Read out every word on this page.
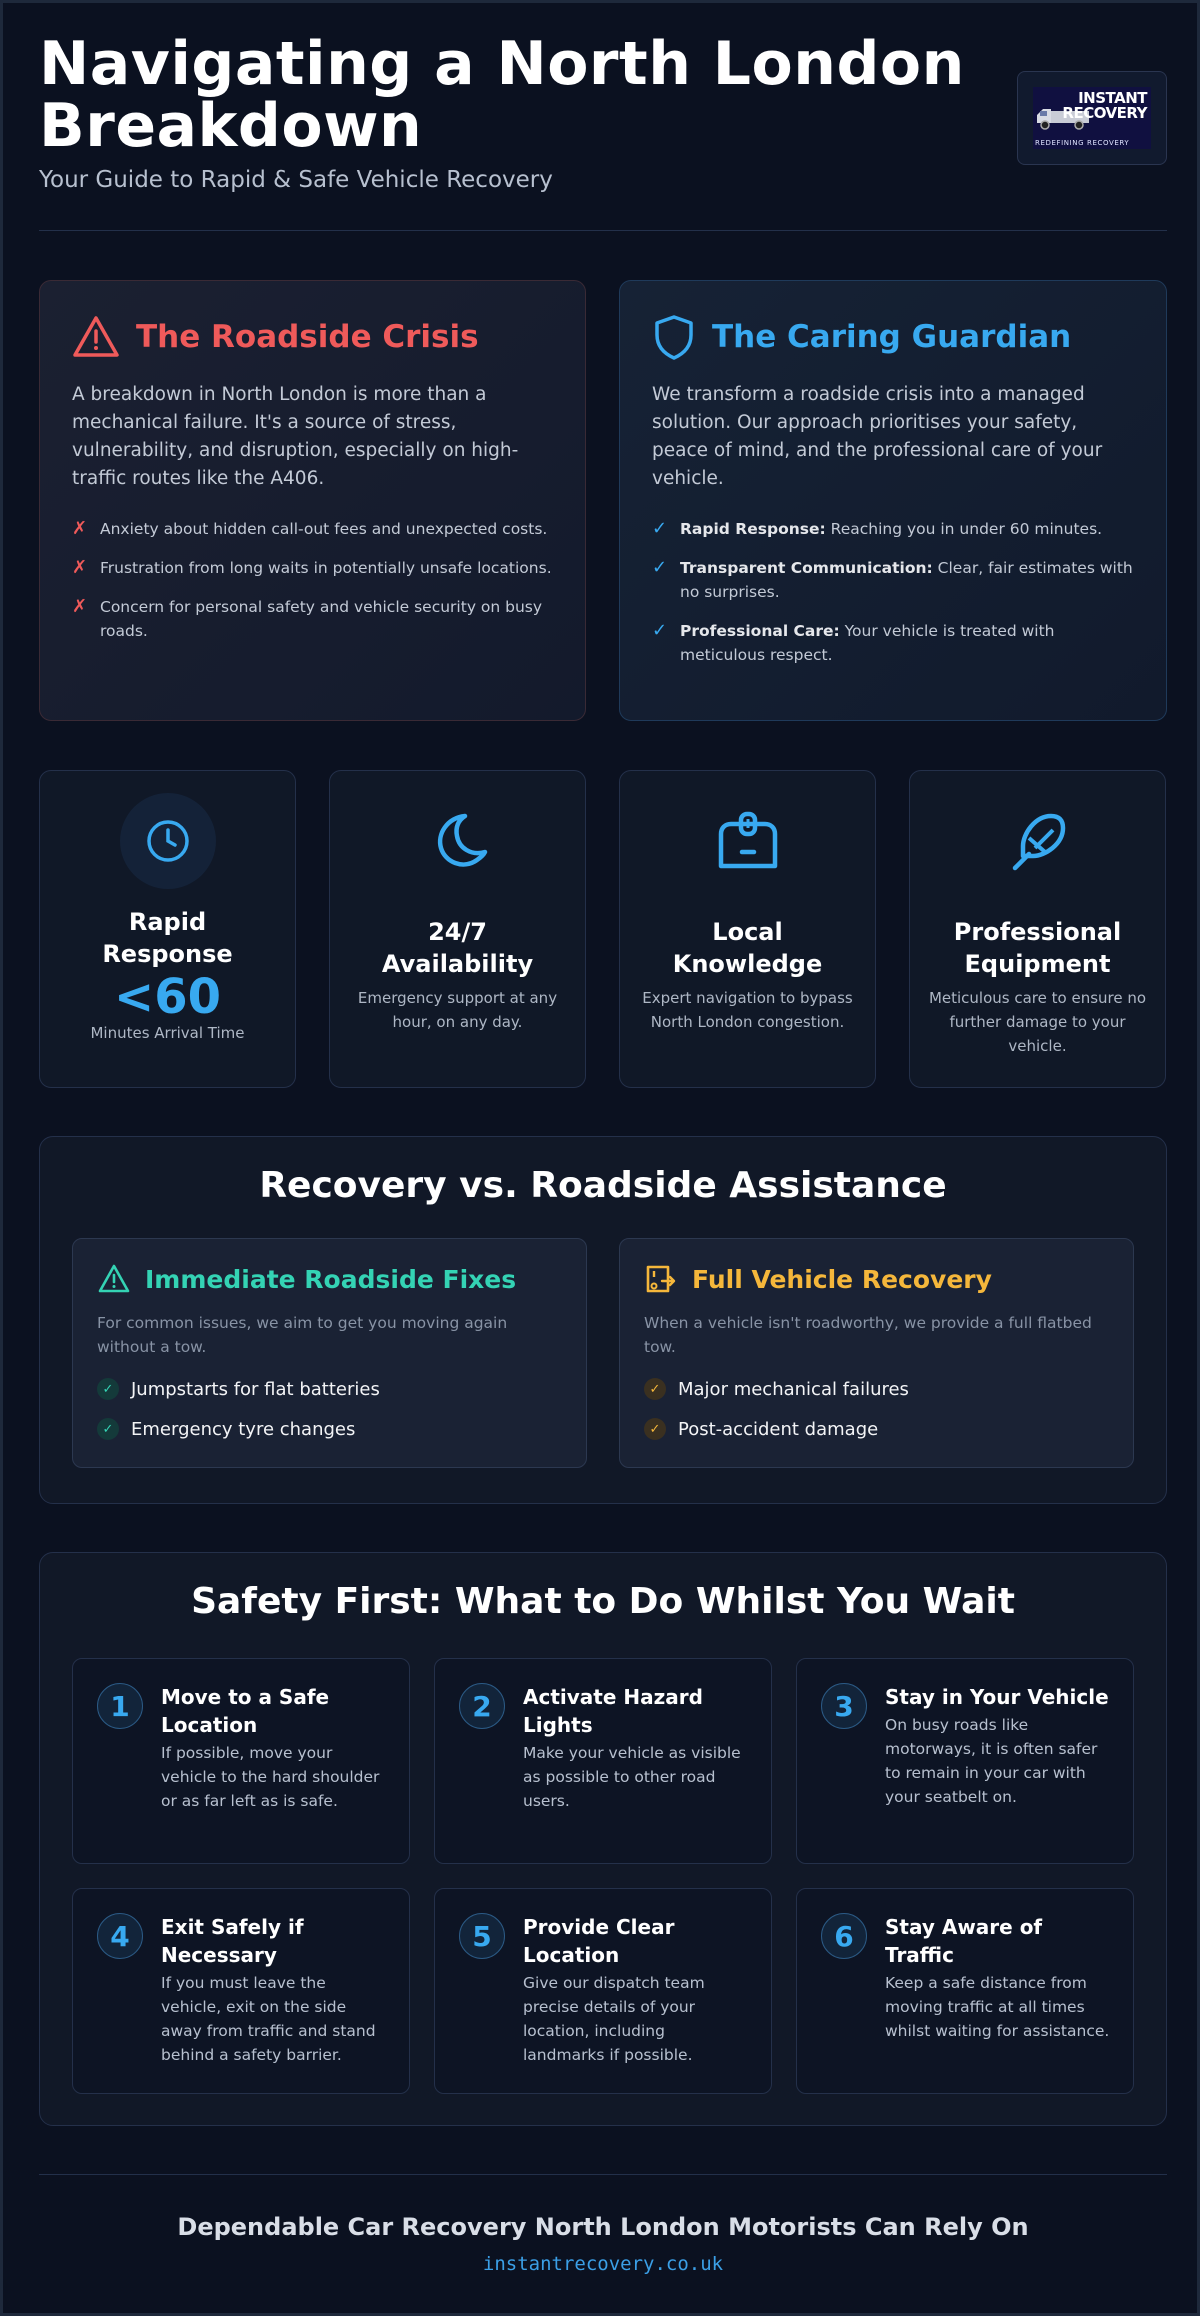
Navigating a North London Breakdown
Your Guide to Rapid & Safe Vehicle Recovery
INSTANT
RECOVERY
REDEFINING RECOVERY
The Roadside Crisis

A breakdown in North London is more than a mechanical failure. It's a source of stress, vulnerability, and disruption, especially on high-traffic routes like the A406.

✗ Anxiety about hidden call-out fees and unexpected costs.
✗ Frustration from long waits in potentially unsafe locations.
✗ Concern for personal safety and vehicle security on busy roads.
The Caring Guardian

We transform a roadside crisis into a managed solution. Our approach prioritises your safety, peace of mind, and the professional care of your vehicle.

✓ Rapid Response: Reaching you in under 60 minutes.
✓ Transparent Communication: Clear, fair estimates with no surprises.
✓ Professional Care: Your vehicle is treated with meticulous respect.
Rapid Response
<60
Minutes Arrival Time
24/7 Availability
Emergency support at any hour, on any day.
Local Knowledge
Expert navigation to bypass North London congestion.
Professional Equipment
Meticulous care to ensure no further damage to your vehicle.
Recovery vs. Roadside Assistance
Immediate Roadside Fixes
For common issues, we aim to get you moving again without a tow.
✓ Jumpstarts for flat batteries
✓ Emergency tyre changes
Full Vehicle Recovery
When a vehicle isn't roadworthy, we provide a full flatbed tow.
✓ Major mechanical failures
✓ Post-accident damage
Safety First: What to Do Whilst You Wait
1	Move to a Safe Location

If possible, move your vehicle to the hard shoulder or as far left as is safe.

2	Activate Hazard Lights

Make your vehicle as visible as possible to other road users.

3	Stay in Your Vehicle

On busy roads like motorways, it is often safer to remain in your car with your seatbelt on.

4	Exit Safely if Necessary

If you must leave the vehicle, exit on the side away from traffic and stand behind a safety barrier.

5	Provide Clear Location

Give our dispatch team precise details of your location, including landmarks if possible.

6	Stay Aware of Traffic

Keep a safe distance from moving traffic at all times whilst waiting for assistance.

Dependable Car Recovery North London Motorists Can Rely On
instantrecovery.co.uk
